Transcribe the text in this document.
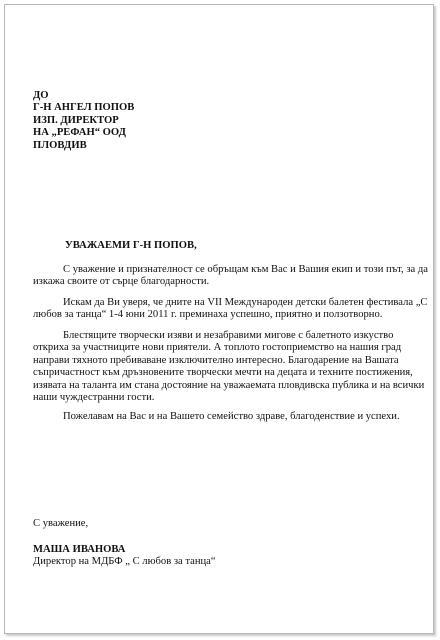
ДО
Г-Н АНГЕЛ ПОПОВ
ИЗП. ДИРЕКТОР
НА „РЕФАН“ ООД
ПЛОВДИВ
УВАЖАЕМИ Г-Н ПОПОВ,
С уважение и признателност се обръщам към Вас и Вашия екип и този път, за да
изкажа своите от сърце благодарности.
Искам да Ви уверя, че дните на VII Международен детски балетен фестивала „С
любов за танца“ 1-4 юни 2011 г. преминаха успешно, приятно и ползотворно.
Блестящите творчески изяви и незабравими мигове с балетното изкуство
откриха за участниците нови приятели. А топлото гостоприемство на нашия град
направи тяхното пребиваване изключително интересно. Благодарение на Вашата
съпричастност към дръзновените творчески мечти на децата и техните постижения,
изявата на таланта им стана достояние на уважаемата пловдивска публика и на всички
наши чуждестранни гости.
Пожелавам на Вас и на Вашето семейство здраве, благоденствие и успехи.
С уважение,
МАША ИВАНОВА
Директор на МДБФ „ С любов за танца“
